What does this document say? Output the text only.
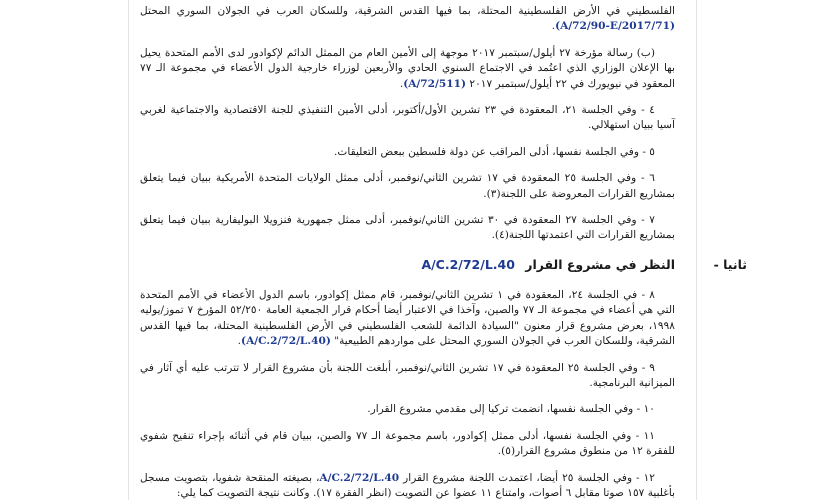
الفلسطيني في الأرض الفلسطينية المحتلة، بما فيها القدس الشرقية، وللسكان العرب في الجولان السوري المحتل (A/72/90-E/2017/71).

(ب) رسالة مؤرخة ٢٧ أيلول/سبتمبر ٢٠١٧ موجهة إلى الأمين العام من الممثل الدائم لإكوادور لدى الأمم المتحدة يحيل بها الإعلان الوزاري الذي اعتُمد في الاجتماع السنوي الحادي والأربعين لوزراء خارجية الدول الأعضاء في مجموعة الـ ٧٧ المعقود في نيويورك في ٢٢ أيلول/سبتمبر ٢٠١٧ (A/72/511).

٤ - وفي الجلسة ٢١، المعقودة في ٢٣ تشرين الأول/أكتوبر، أدلى الأمين التنفيذي للجنة الاقتصادية والاجتماعية لغربي آسيا ببيان استهلالي.

٥ - وفي الجلسة نفسها، أدلى المراقب عن دولة فلسطين ببعض التعليقات.

٦ - وفي الجلسة ٢٥ المعقودة في ١٧ تشرين الثاني/نوفمبر، أدلى ممثل الولايات المتحدة الأمريكية ببيان فيما يتعلق بمشاريع القرارات المعروضة على اللجنة(٣).

٧ - وفي الجلسة ٢٧ المعقودة في ٣٠ تشرين الثاني/نوفمبر، أدلى ممثل جمهورية فنزويلا البوليفارية ببيان فيما يتعلق بمشاريع القرارات التي اعتمدتها اللجنة(٤).

ثانيا -
النظر في مشروع القرار A/C.2/72/L.40

٨ - في الجلسة ٢٤، المعقودة في ١ تشرين الثاني/نوفمبر، قام ممثل إكوادور، باسم الدول الأعضاء في الأمم المتحدة التي هي أعضاء في مجموعة الـ ٧٧ والصين، وآخذا في الاعتبار أيضا أحكام قرار الجمعية العامة ٥٢/٢٥٠ المؤرخ ٧ تموز/يوليه ١٩٩٨، بعرض مشروع قرار معنون "السيادة الدائمة للشعب الفلسطيني في الأرض الفلسطينية المحتلة، بما فيها القدس الشرقية، وللسكان العرب في الجولان السوري المحتل على مواردهم الطبيعية" (A/C.2/72/L.40).

٩ - وفي الجلسة ٢٥ المعقودة في ١٧ تشرين الثاني/نوفمبر، أبلغت اللجنة بأن مشروع القرار لا تترتب عليه أي آثار في الميزانية البرنامجية.

١٠ - وفي الجلسة نفسها، انضمت تركيا إلى مقدمي مشروع القرار.

١١ - وفي الجلسة نفسها، أدلى ممثل إكوادور، باسم مجموعة الـ ٧٧ والصين، ببيان قام في أثنائه بإجراء تنقيح شفوي للفقرة ١٢ من منطوق مشروع القرار(٥).

١٢ - وفي الجلسة ٢٥ أيضا، اعتمدت اللجنة مشروع القرار A/C.2/72/L.40، بصيغته المنقحة شفويا، بتصويت مسجل بأغلبية ١٥٧ صوتا مقابل ٦ أصوات، وامتناع ١١ عضوا عن التصويت (انظر الفقرة ١٧). وكانت نتيجة التصويت كما يلي:
